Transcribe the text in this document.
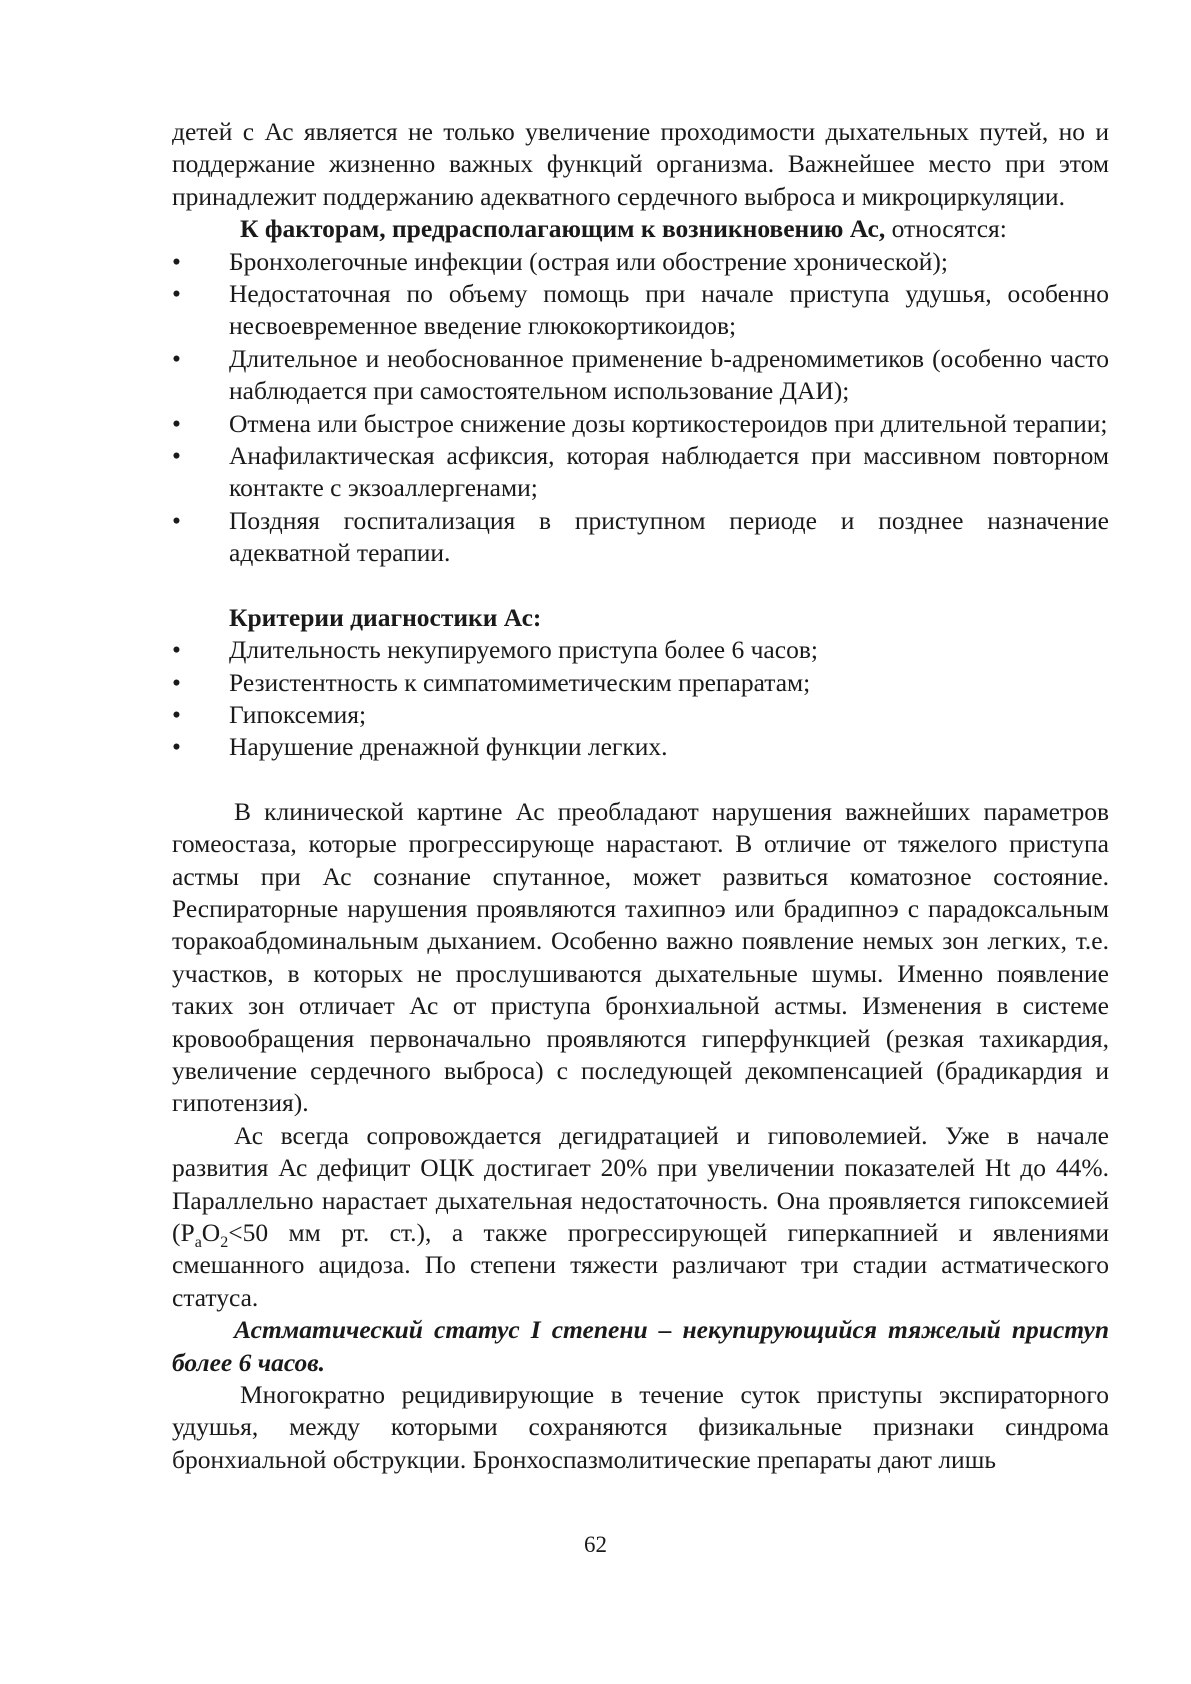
детей с Ас является не только увеличение проходимости дыхательных путей, но и поддержание жизненно важных функций организма. Важнейшее место при этом принадлежит поддержанию адекватного сердечного выброса и микроциркуляции.

К факторам, предрасполагающим к возникновению Ас, относятся:

•	Бронхолегочные инфекции (острая или обострение хронической);
•	Недостаточная по объему помощь при начале приступа удушья, особенно несвоевременное введение глюкокортикоидов;
•	Длительное и необоснованное применение b-адреномиметиков (особенно часто наблюдается при самостоятельном использование ДАИ);
•	Отмена или быстрое снижение дозы кортикостероидов при длительной терапии;
•	Анафилактическая асфиксия, которая наблюдается при массивном повторном контакте с экзоаллергенами;
•	Поздняя госпитализация в приступном периоде и позднее назначение адекватной терапии.

Критерии диагностики Ас:

•	Длительность некупируемого приступа более 6 часов;
•	Резистентность к симпатомиметическим препаратам;
•	Гипоксемия;
•	Нарушение дренажной функции легких.

В клинической картине Ас преобладают нарушения важнейших параметров гомеостаза, которые прогрессирующе нарастают. В отличие от тяжелого приступа астмы при Ас сознание спутанное, может развиться коматозное состояние. Респираторные нарушения проявляются тахипноэ или брадипноэ с парадоксальным торакоабдоминальным дыханием. Особенно важно появление немых зон легких, т.е. участков, в которых не прослушиваются дыхательные шумы. Именно появление таких зон отличает Ас от приступа бронхиальной астмы. Изменения в системе кровообращения первоначально проявляются гиперфункцией (резкая тахикардия, увеличение сердечного выброса) с последующей декомпенсацией (брадикардия и гипотензия).

Ас всегда сопровождается дегидратацией и гиповолемией. Уже в начале развития Ас дефицит ОЦК достигает 20% при увеличении показателей Ht до 44%. Параллельно нарастает дыхательная недостаточность. Она проявляется гипоксемией ($P_aO_2<50$ мм рт. ст.), а также прогрессирующей гиперкапнией и явлениями смешанного ацидоза. По степени тяжести различают три стадии астматического статуса.

Астматический статус I степени – некупирующийся тяжелый приступ более 6 часов.

Многократно рецидивирующие в течение суток приступы экспираторного удушья, между которыми сохраняются физикальные признаки синдрома бронхиальной обструкции. Бронхоспазмолитические препараты дают лишь

62
